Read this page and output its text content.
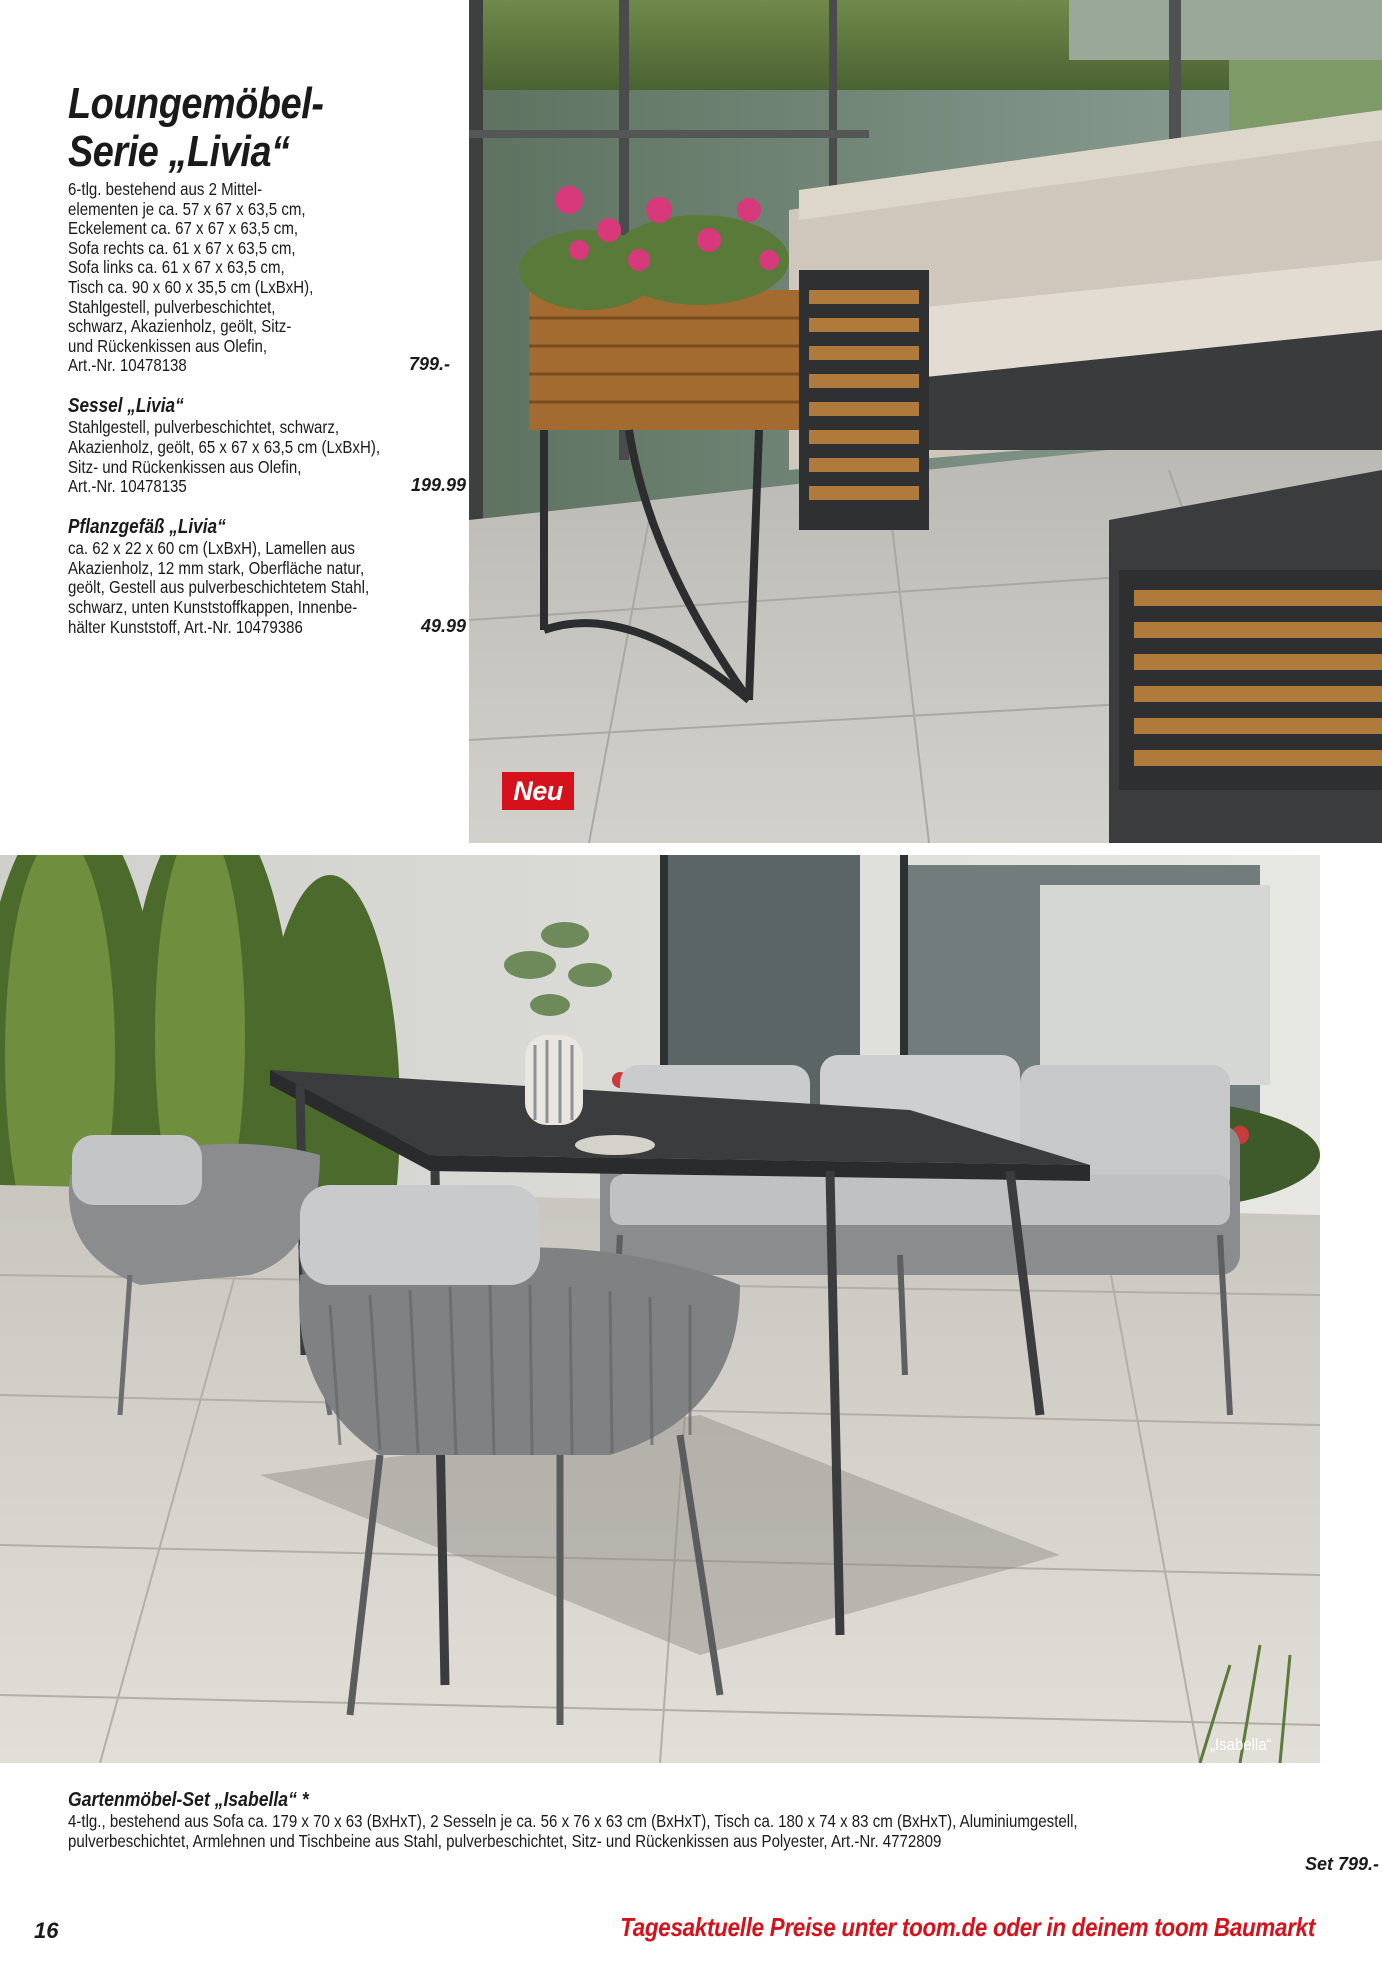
Loungemöbel-
Serie „Livia“
6-tlg. bestehend aus 2 Mittel-
elementen je ca. 57 x 67 x 63,5 cm,
Eckelement ca. 67 x 67 x 63,5 cm,
Sofa rechts ca. 61 x 67 x 63,5 cm,
Sofa links ca. 61 x 67 x 63,5 cm,
Tisch ca. 90 x 60 x 35,5 cm (LxBxH),
Stahlgestell, pulverbeschichtet,
schwarz, Akazienholz, geölt, Sitz-
und Rückenkissen aus Olefin,
Art.-Nr. 10478138	799.-
Sessel „Livia“
Stahlgestell, pulverbeschichtet, schwarz,
Akazienholz, geölt, 65 x 67 x 63,5 cm (LxBxH),
Sitz- und Rückenkissen aus Olefin,
Art.-Nr. 10478135	199.99
Pflanzgefäß „Livia“
ca. 62 x 22 x 60 cm (LxBxH), Lamellen aus
Akazienholz, 12 mm stark, Oberfläche natur,
geölt, Gestell aus pulverbeschichtetem Stahl,
schwarz, unten Kunststoffkappen, Innenbe-
hälter Kunststoff, Art.-Nr. 10479386	49.99
Neu
„Isabella“
Gartenmöbel-Set „Isabella“ *
4-tlg., bestehend aus Sofa ca. 179 x 70 x 63 (BxHxT), 2 Sesseln je ca. 56 x 76 x 63 cm (BxHxT), Tisch ca. 180 x 74 x 83 cm (BxHxT), Aluminiumgestell,
pulverbeschichtet, Armlehnen und Tischbeine aus Stahl, pulverbeschichtet, Sitz- und Rückenkissen aus Polyester, Art.-Nr. 4772809
Set 799.-
16	Tagesaktuelle Preise unter toom.de oder in deinem toom Baumarkt
